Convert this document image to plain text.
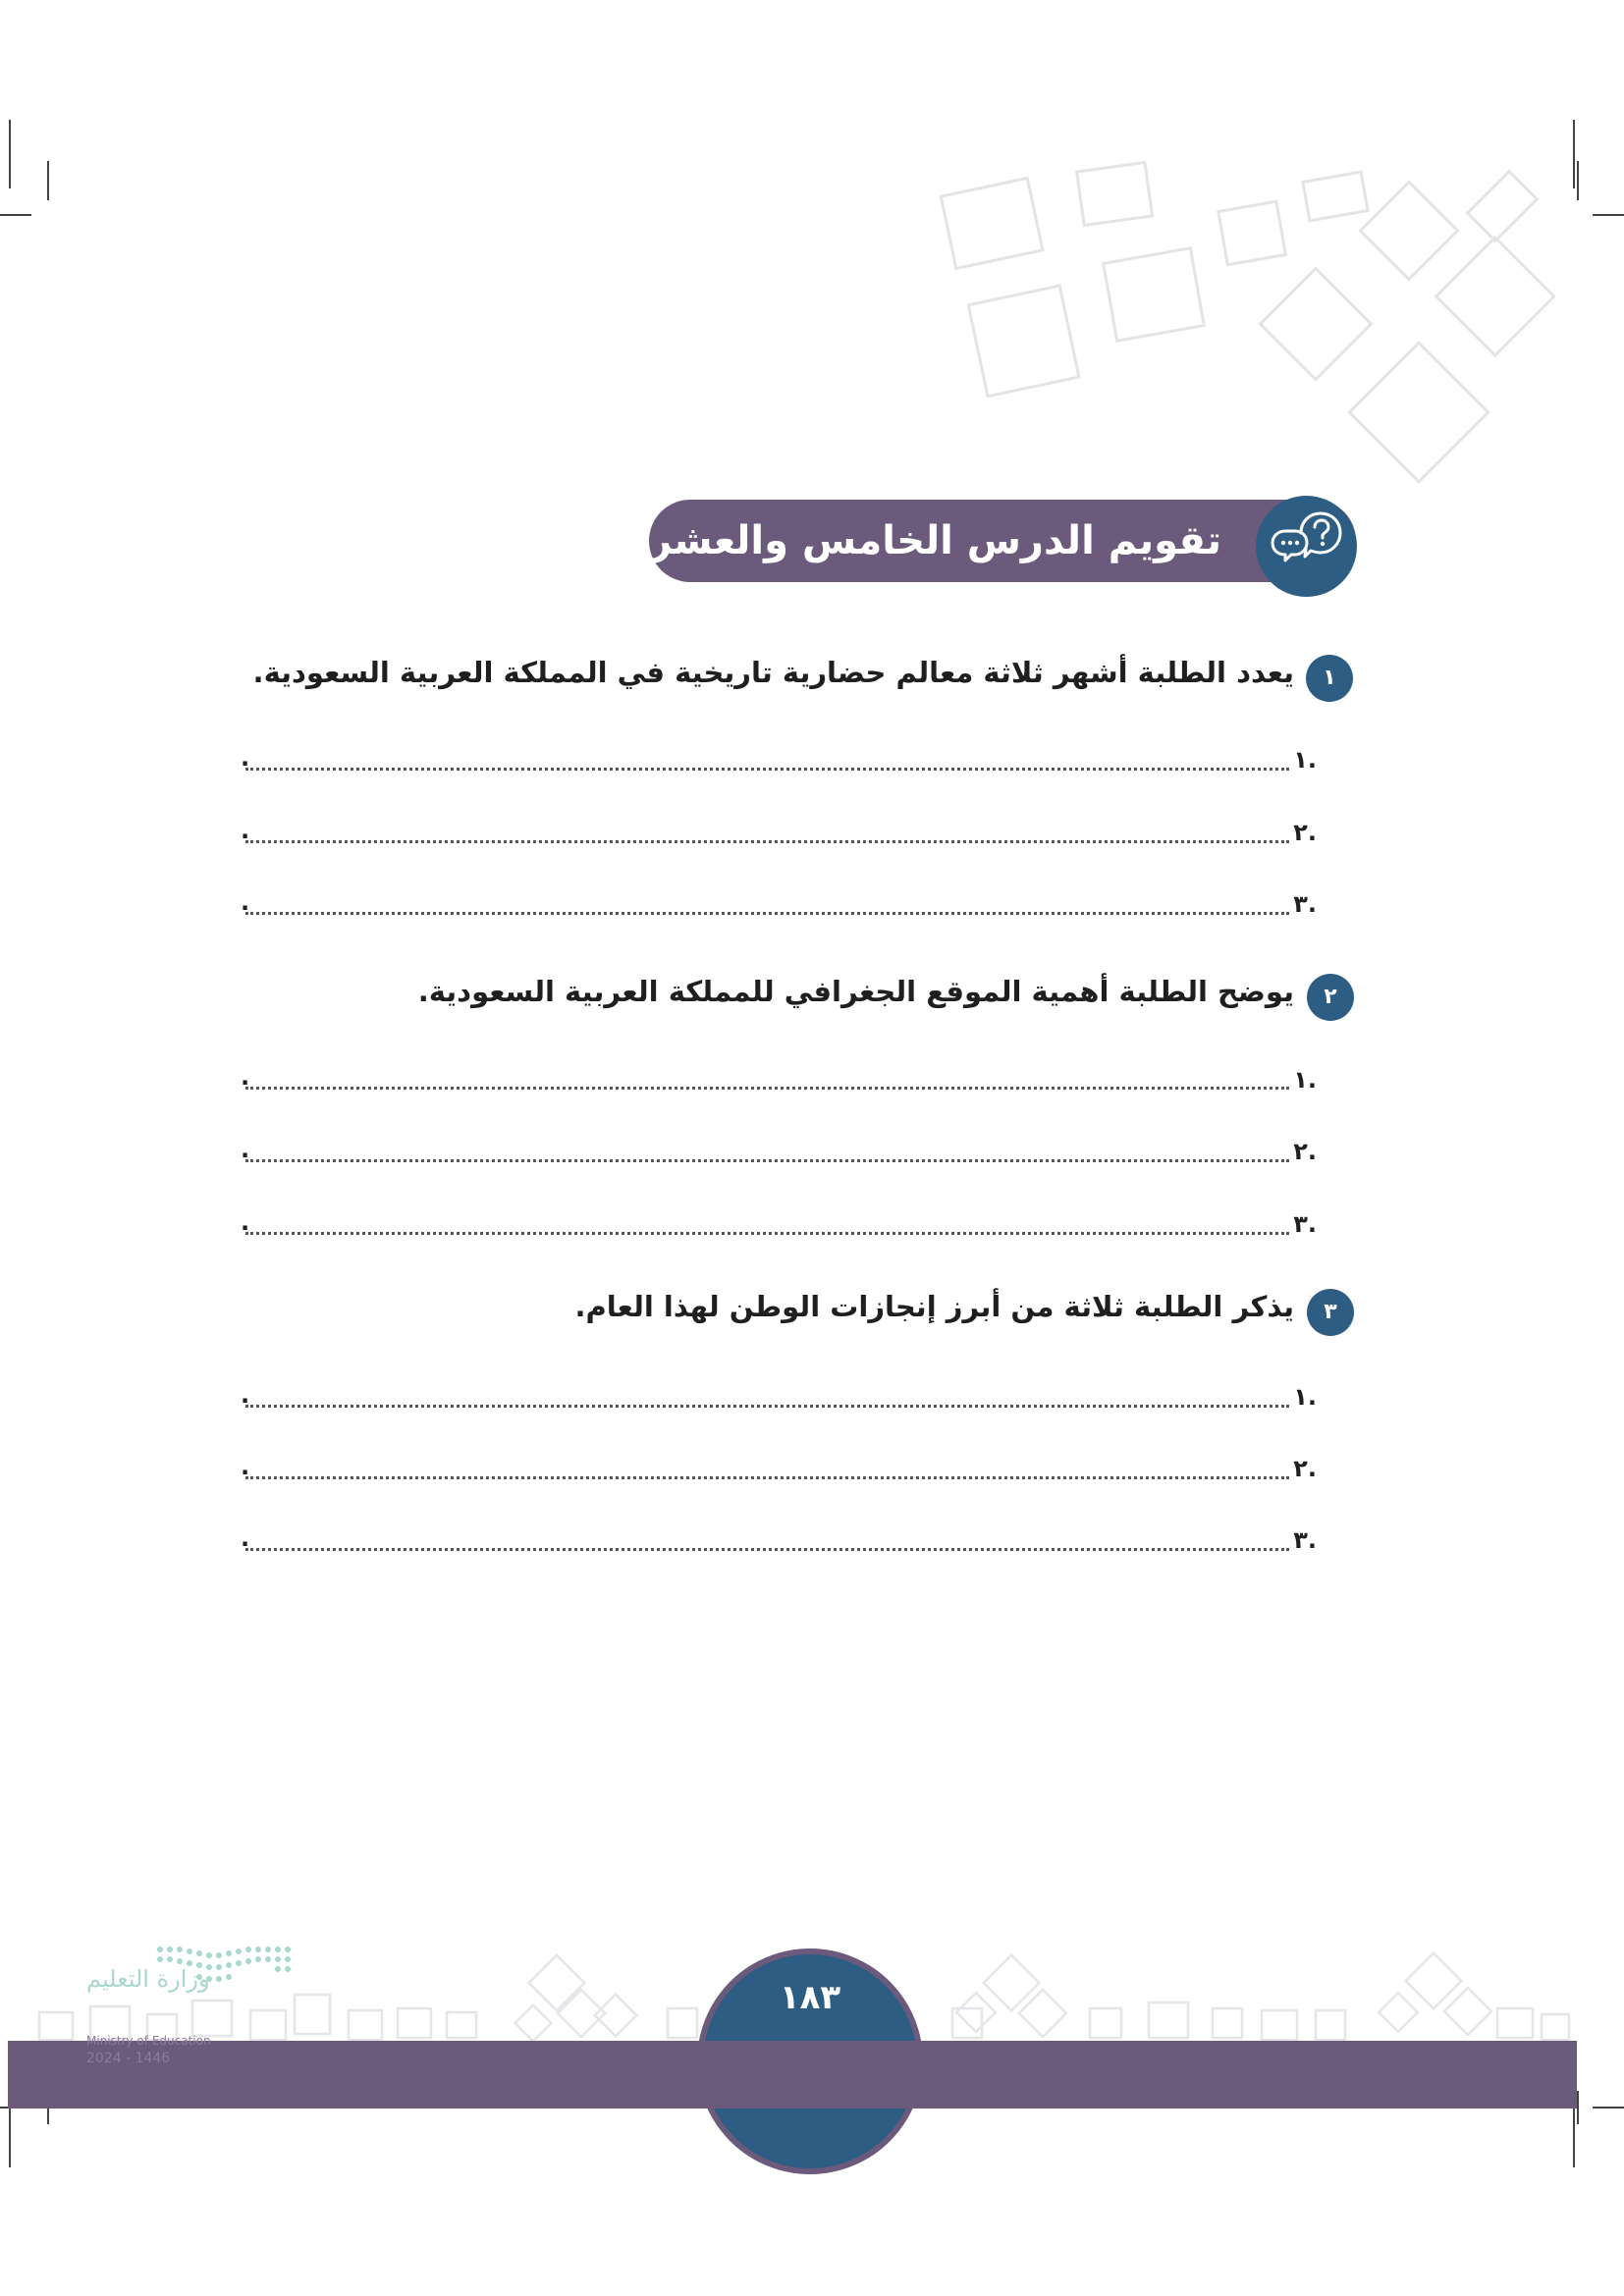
تقويم الدرس الخامس والعشرين
١
يعدد الطلبة أشهر ثلاثة معالم حضارية تاريخية في المملكة العربية السعودية.
١.
.
٢.
.
٣.
.
٢
يوضح الطلبة أهمية الموقع الجغرافي للمملكة العربية السعودية.
١.
.
٢.
.
٣.
.
٣
يذكر الطلبة ثلاثة من أبرز إنجازات الوطن لهذا العام.
١.
.
٢.
.
٣.
.
١٨٣
وزارة التعليم
Ministry of Education
2024 - 1446
